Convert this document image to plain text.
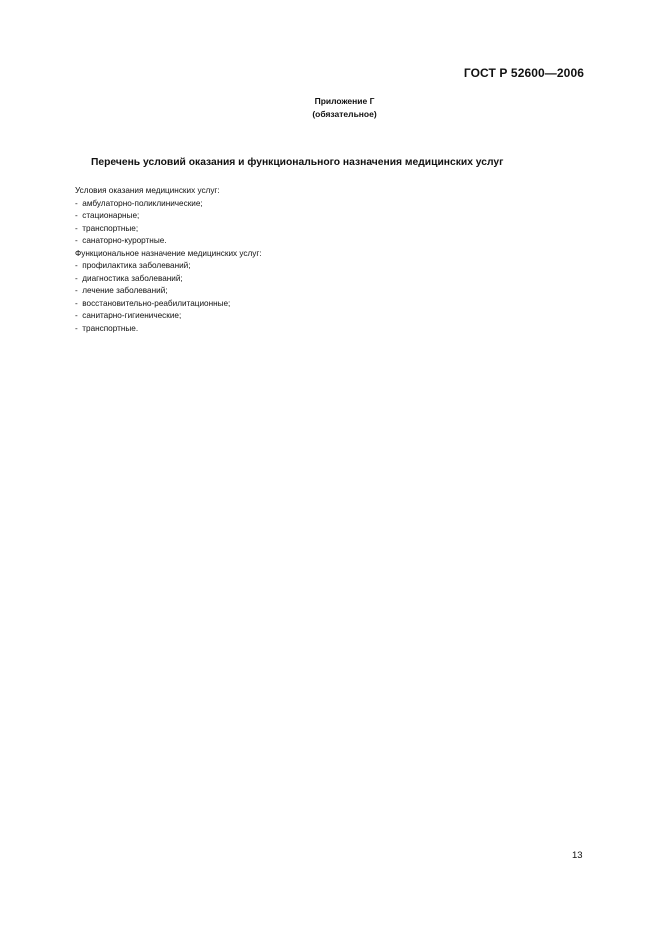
ГОСТ Р 52600—2006
Приложение Г
(обязательное)
Перечень условий оказания и функционального назначения медицинских услуг

Условия оказания медицинских услуг:

-  амбулаторно-поликлинические;

-  стационарные;

-  транспортные;

-  санаторно-курортные.

Функциональное назначение медицинских услуг:

-  профилактика заболеваний;

-  диагностика заболеваний;

-  лечение заболеваний;

-  восстановительно-реабилитационные;

-  санитарно-гигиенические;

-  транспортные.

13
